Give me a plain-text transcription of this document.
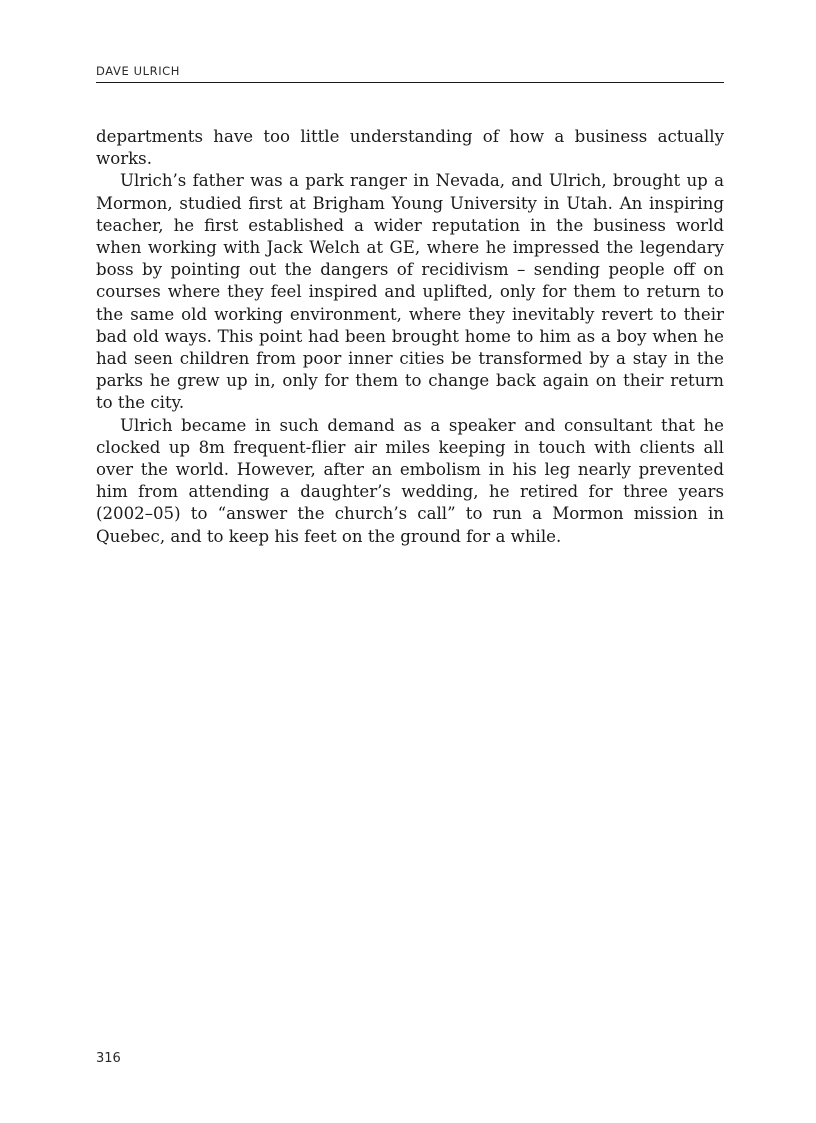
DAVE ULRICH

departments have too little understanding of how a business actually works.

Ulrich’s father was a park ranger in Nevada, and Ulrich, brought up a Mormon, studied first at Brigham Young University in Utah. An inspiring teacher, he first established a wider reputation in the business world when working with Jack Welch at GE, where he impressed the legendary boss by pointing out the dangers of recidivism – sending people off on courses where they feel inspired and uplifted, only for them to return to the same old working environment, where they inevitably revert to their bad old ways. This point had been brought home to him as a boy when he had seen children from poor inner cities be transformed by a stay in the parks he grew up in, only for them to change back again on their return to the city.

Ulrich became in such demand as a speaker and consultant that he clocked up 8m frequent-flier air miles keeping in touch with clients all over the world. However, after an embolism in his leg nearly prevented him from attending a daughter’s wedding, he retired for three years (2002–05) to “answer the church’s call” to run a Mormon mission in Quebec, and to keep his feet on the ground for a while.

316
